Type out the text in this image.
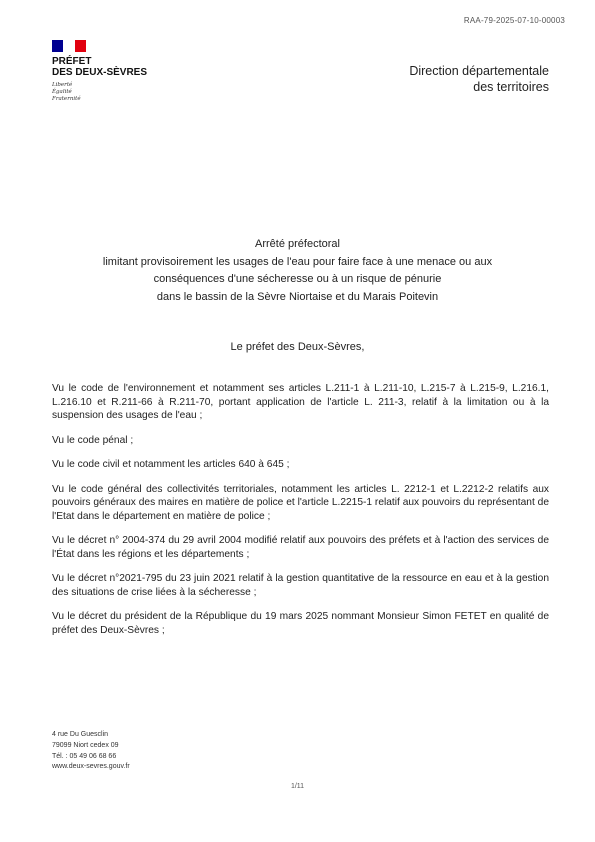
RAA-79-2025-07-10-00003
PRÉFET
DES DEUX-SÈVRES
Liberté
Égalité
Fraternité
Direction départementale
des territoires
Arrêté préfectoral
limitant provisoirement les usages de l'eau pour faire face à une menace ou aux
conséquences d'une sécheresse ou à un risque de pénurie
dans le bassin de la Sèvre Niortaise et du Marais Poitevin
Le préfet des Deux-Sèvres,

Vu le code de l'environnement et notamment ses articles L.211-1 à L.211-10, L.215-7 à L.215-9, L.216.1, L.216.10 et R.211-66 à R.211-70, portant application de l'article L. 211-3, relatif à la limitation ou à la suspension des usages de l'eau ;

Vu le code pénal ;

Vu le code civil et notamment les articles 640 à 645 ;

Vu le code général des collectivités territoriales, notamment les articles L. 2212-1 et L.2212-2 relatifs aux pouvoirs généraux des maires en matière de police et l'article L.2215-1 relatif aux pouvoirs du représentant de l'Etat dans le département en matière de police ;

Vu le décret n° 2004-374 du 29 avril 2004 modifié relatif aux pouvoirs des préfets et à l'action des services de l'État dans les régions et les départements ;

Vu le décret n°2021-795 du 23 juin 2021 relatif à la gestion quantitative de la ressource en eau et à la gestion des situations de crise liées à la sécheresse ;

Vu le décret du président de la République du 19 mars 2025 nommant Monsieur Simon FETET en qualité de préfet des Deux-Sèvres ;

4 rue Du Guesclin
79099 Niort cedex 09
Tél. : 05 49 06 68 66
www.deux-sevres.gouv.fr
1/11
